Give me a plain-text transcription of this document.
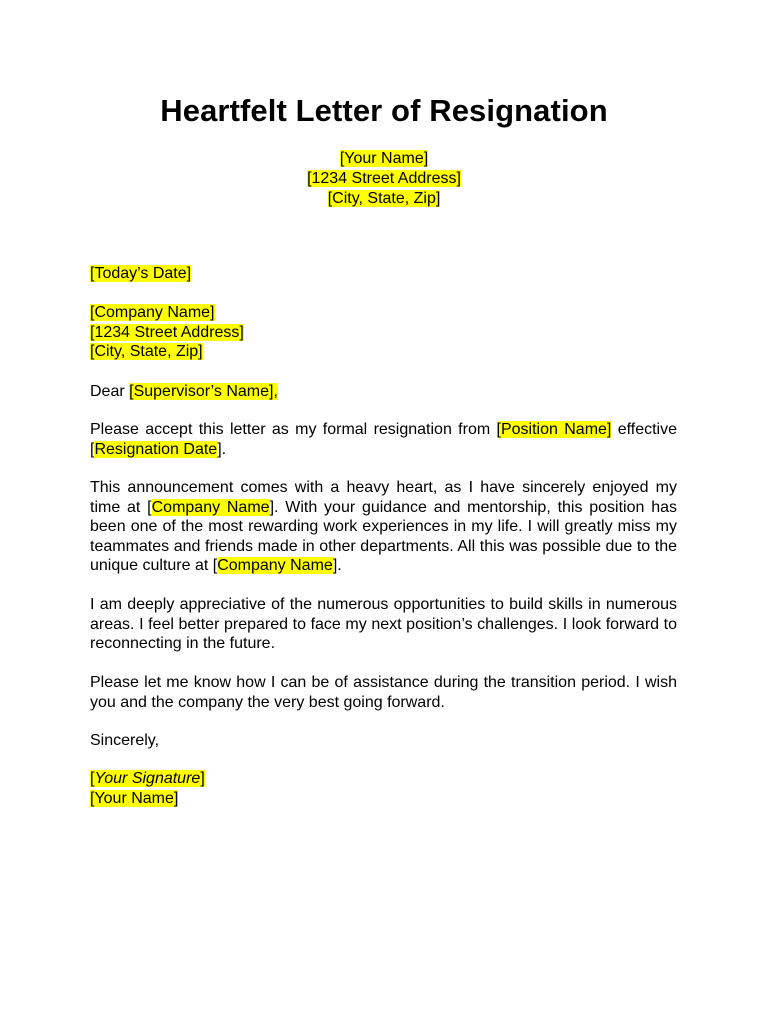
Heartfelt Letter of Resignation
[Your Name]
[1234 Street Address]
[City, State, Zip]
[Today’s Date]
[Company Name]
[1234 Street Address]
[City, State, Zip]
Dear [Supervisor’s Name],
Please accept this letter as my formal resignation from [Position Name] effective [Resignation Date].
This announcement comes with a heavy heart, as I have sincerely enjoyed my time at [Company Name]. With your guidance and mentorship, this position has been one of the most rewarding work experiences in my life. I will greatly miss my teammates and friends made in other departments. All this was possible due to the unique culture at [Company Name].
I am deeply appreciative of the numerous opportunities to build skills in numerous areas. I feel better prepared to face my next position’s challenges. I look forward to reconnecting in the future.
Please let me know how I can be of assistance during the transition period. I wish you and the company the very best going forward.
Sincerely,
[Your Signature]
[Your Name]
